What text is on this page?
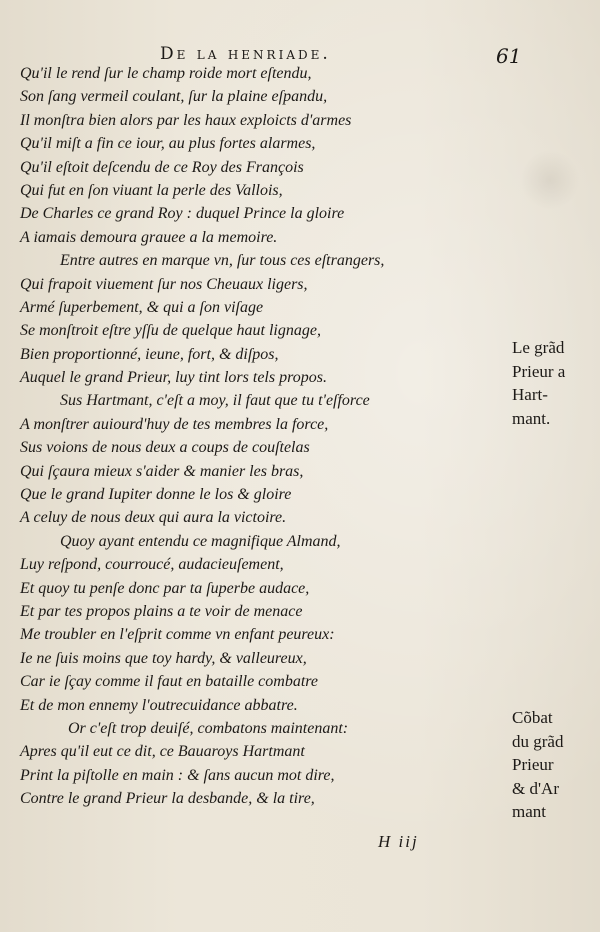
De la henriade.	61
Qu'il le rend ſur le champ roide mort eſtendu,
Son ſang vermeil coulant, ſur la plaine eſpandu,
Il monſtra bien alors par les haux exploicts d'armes
Qu'il miſt a fin ce iour, au plus fortes alarmes,
Qu'il eſtoit deſcendu de ce Roy des François
Qui fut en ſon viuant la perle des Vallois,
De Charles ce grand Roy : duquel Prince la gloire
A iamais demoura grauee a la memoire.
Entre autres en marque vn, ſur tous ces eſtrangers,
Qui frapoit viuement ſur nos Cheuaux ligers,
Armé ſuperbement, & qui a ſon viſage
Se monſtroit eſtre yſſu de quelque haut lignage,
Bien proportionné, ieune, fort, & diſpos,
Auquel le grand Prieur, luy tint lors tels propos.
Sus Hartmant, c'eſt a moy, il faut que tu t'eſforce
A monſtrer auiourd'huy de tes membres la force,
Sus voions de nous deux a coups de couſtelas
Qui ſçaura mieux s'aider & manier les bras,
Que le grand Iupiter donne le los & gloire
A celuy de nous deux qui aura la victoire.
Quoy ayant entendu ce magnifique Almand,
Luy reſpond, courroucé, audacieuſement,
Et quoy tu penſe donc par ta ſuperbe audace,
Et par tes propos plains a te voir de menace
Me troubler en l'eſprit comme vn enfant peureux:
Ie ne ſuis moins que toy hardy, & valleureux,
Car ie ſçay comme il faut en bataille combatre
Et de mon ennemy l'outrecuidance abbatre.
Or c'eſt trop deuiſé, combatons maintenant:
Apres qu'il eut ce dit, ce Bauaroys Hartmant
Print la piſtolle en main : & ſans aucun mot dire,
Contre le grand Prieur la desbande, & la tire,
H iij
Le grãd
Prieur a
Hart-
mant.
Cõbat
du grãd
Prieur
& d'Ar
mant
